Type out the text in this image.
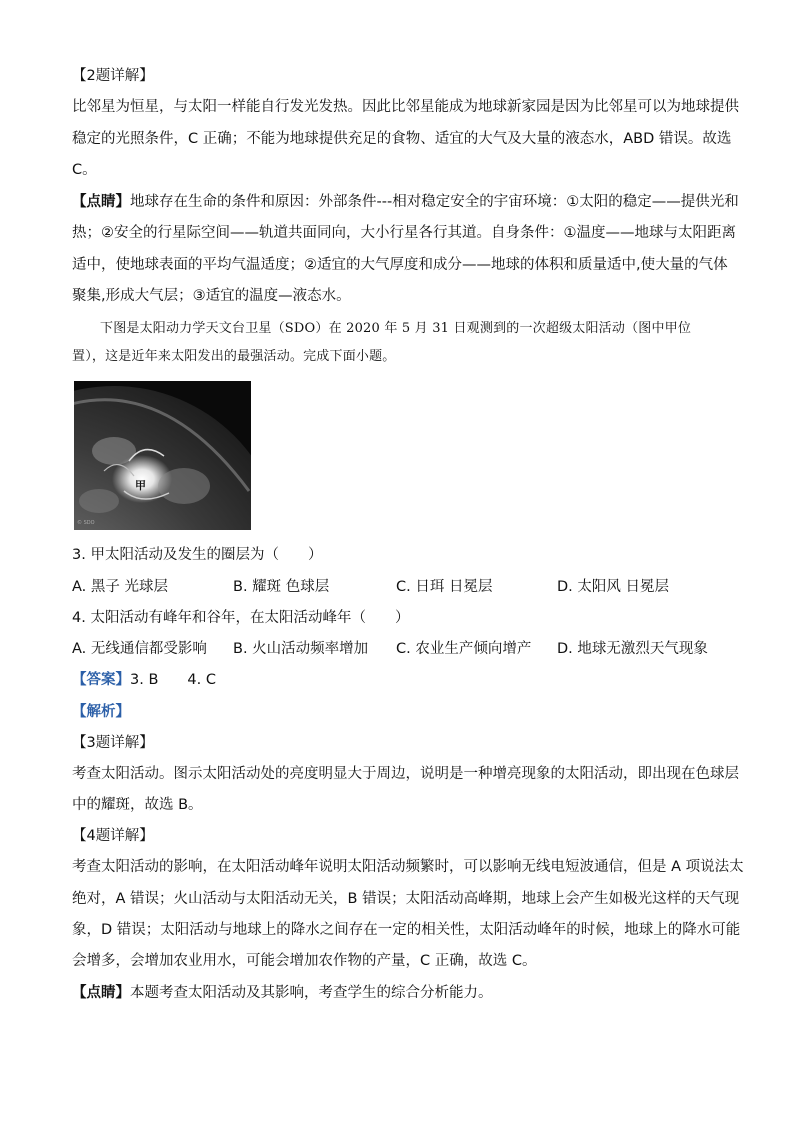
【2题详解】
比邻星为恒星，与太阳一样能自行发光发热。因此比邻星能成为地球新家园是因为比邻星可以为地球提供
稳定的光照条件，C 正确；不能为地球提供充足的食物、适宜的大气及大量的液态水，ABD 错误。故选
C。
【点睛】地球存在生命的条件和原因：外部条件---相对稳定安全的宇宙环境：①太阳的稳定——提供光和
热；②安全的行星际空间——轨道共面同向，大小行星各行其道。自身条件：①温度——地球与太阳距离
适中，使地球表面的平均气温适度；②适宜的大气厚度和成分——地球的体积和质量适中,使大量的气体
聚集,形成大气层；③适宜的温度—液态水。
下图是太阳动力学天文台卫星（SDO）在 2020 年 5 月 31 日观测到的一次超级太阳活动（图中甲位
置），这是近年来太阳发出的最强活动。完成下面小题。
甲
© SDO
3. 甲太阳活动及发生的圈层为（　　）
A. 黑子 光球层	B. 耀斑 色球层	C. 日珥 日冕层	D. 太阳风 日冕层
4. 太阳活动有峰年和谷年，在太阳活动峰年（　　）
A. 无线通信都受影响 B. 火山活动频率增加 C. 农业生产倾向增产 D. 地球无激烈天气现象
【答案】3. B　　4. C
【解析】
【3题详解】
考查太阳活动。图示太阳活动处的亮度明显大于周边，说明是一种增亮现象的太阳活动，即出现在色球层
中的耀斑，故选 B。
【4题详解】
考查太阳活动的影响，在太阳活动峰年说明太阳活动频繁时，可以影响无线电短波通信，但是 A 项说法太
绝对，A 错误；火山活动与太阳活动无关，B 错误；太阳活动高峰期，地球上会产生如极光这样的天气现
象，D 错误；太阳活动与地球上的降水之间存在一定的相关性，太阳活动峰年的时候，地球上的降水可能
会增多，会增加农业用水，可能会增加农作物的产量，C 正确，故选 C。
【点睛】本题考查太阳活动及其影响，考查学生的综合分析能力。
